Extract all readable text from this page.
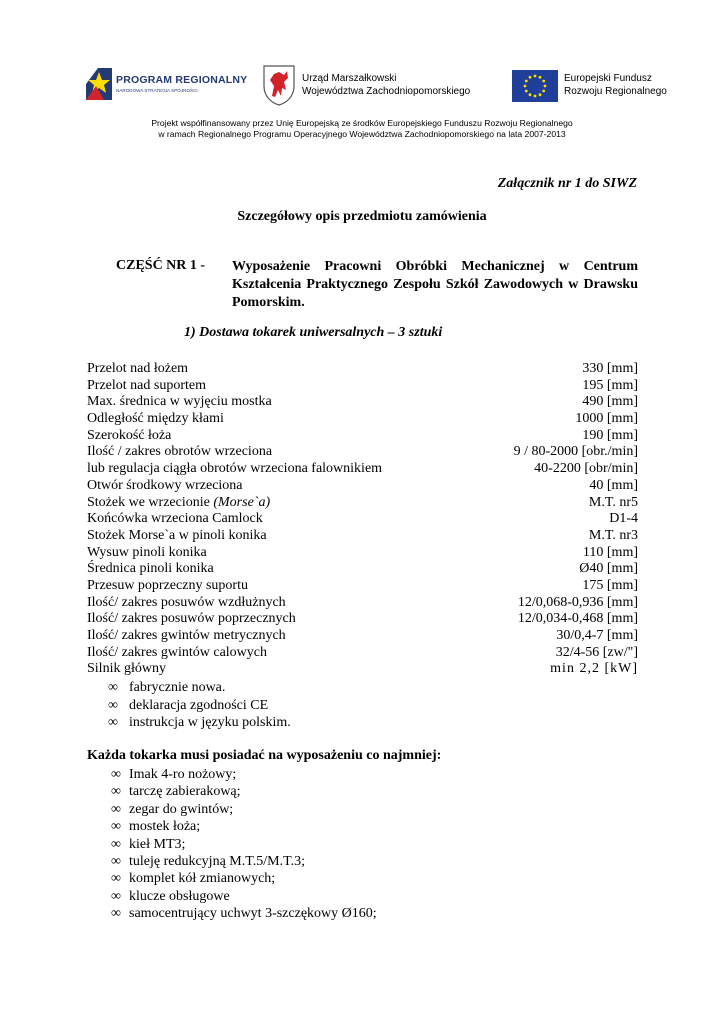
PROGRAM REGIONALNY
NARODOWA STRATEGIA SPÓJNOŚCI
Urząd Marszałkowski
Województwa Zachodniopomorskiego
Europejski Fundusz
Rozwoju Regionalnego
Projekt współfinansowany przez Unię Europejską ze środków Europejskiego Funduszu Rozwoju Regionalnego
w ramach Regionalnego Programu Operacyjnego Województwa Zachodniopomorskiego na lata 2007-2013
Załącznik nr 1 do SIWZ
Szczegółowy opis przedmiotu zamówienia
CZĘŚĆ NR 1 - Wyposażenie Pracowni Obróbki Mechanicznej w Centrum Kształcenia Praktycznego Zespołu Szkół Zawodowych w Drawsku Pomorskim.
1) Dostawa tokarek uniwersalnych – 3 sztuki
Przelot nad łożem	330 [mm]
Przelot nad suportem	195 [mm]
Max. średnica w wyjęciu mostka	490 [mm]
Odległość między kłami	1000 [mm]
Szerokość łoża	190 [mm]
Ilość / zakres obrotów wrzeciona	9 / 80-2000 [obr./min]
lub regulacja ciągła obrotów wrzeciona falownikiem	40-2200 [obr/min]
Otwór środkowy wrzeciona	40 [mm]
Stożek we wrzecionie (Morse`a)	M.T. nr5
Końcówka wrzeciona Camlock	D1-4
Stożek Morse`a w pinoli konika	M.T. nr3
Wysuw pinoli konika	110 [mm]
Średnica pinoli konika	Ø40 [mm]
Przesuw poprzeczny suportu	175 [mm]
Ilość/ zakres posuwów wzdłużnych	12/0,068-0,936 [mm]
Ilość/ zakres posuwów poprzecznych	12/0,034-0,468 [mm]
Ilość/ zakres gwintów metrycznych	30/0,4-7 [mm]
Ilość/ zakres gwintów calowych	32/4-56 [zw/"]
Silnik główny	min 2,2 [kW]
∞ fabrycznie nowa.
∞ deklaracja zgodności CE
∞ instrukcja w języku polskim.
Każda tokarka musi posiadać na wyposażeniu co najmniej:
∞ Imak 4-ro nożowy;
∞ tarczę zabierakową;
∞ zegar do gwintów;
∞ mostek łoża;
∞ kieł MT3;
∞ tuleję redukcyjną M.T.5/M.T.3;
∞ komplet kół zmianowych;
∞ klucze obsługowe
∞ samocentrujący uchwyt 3-szczękowy Ø160;
